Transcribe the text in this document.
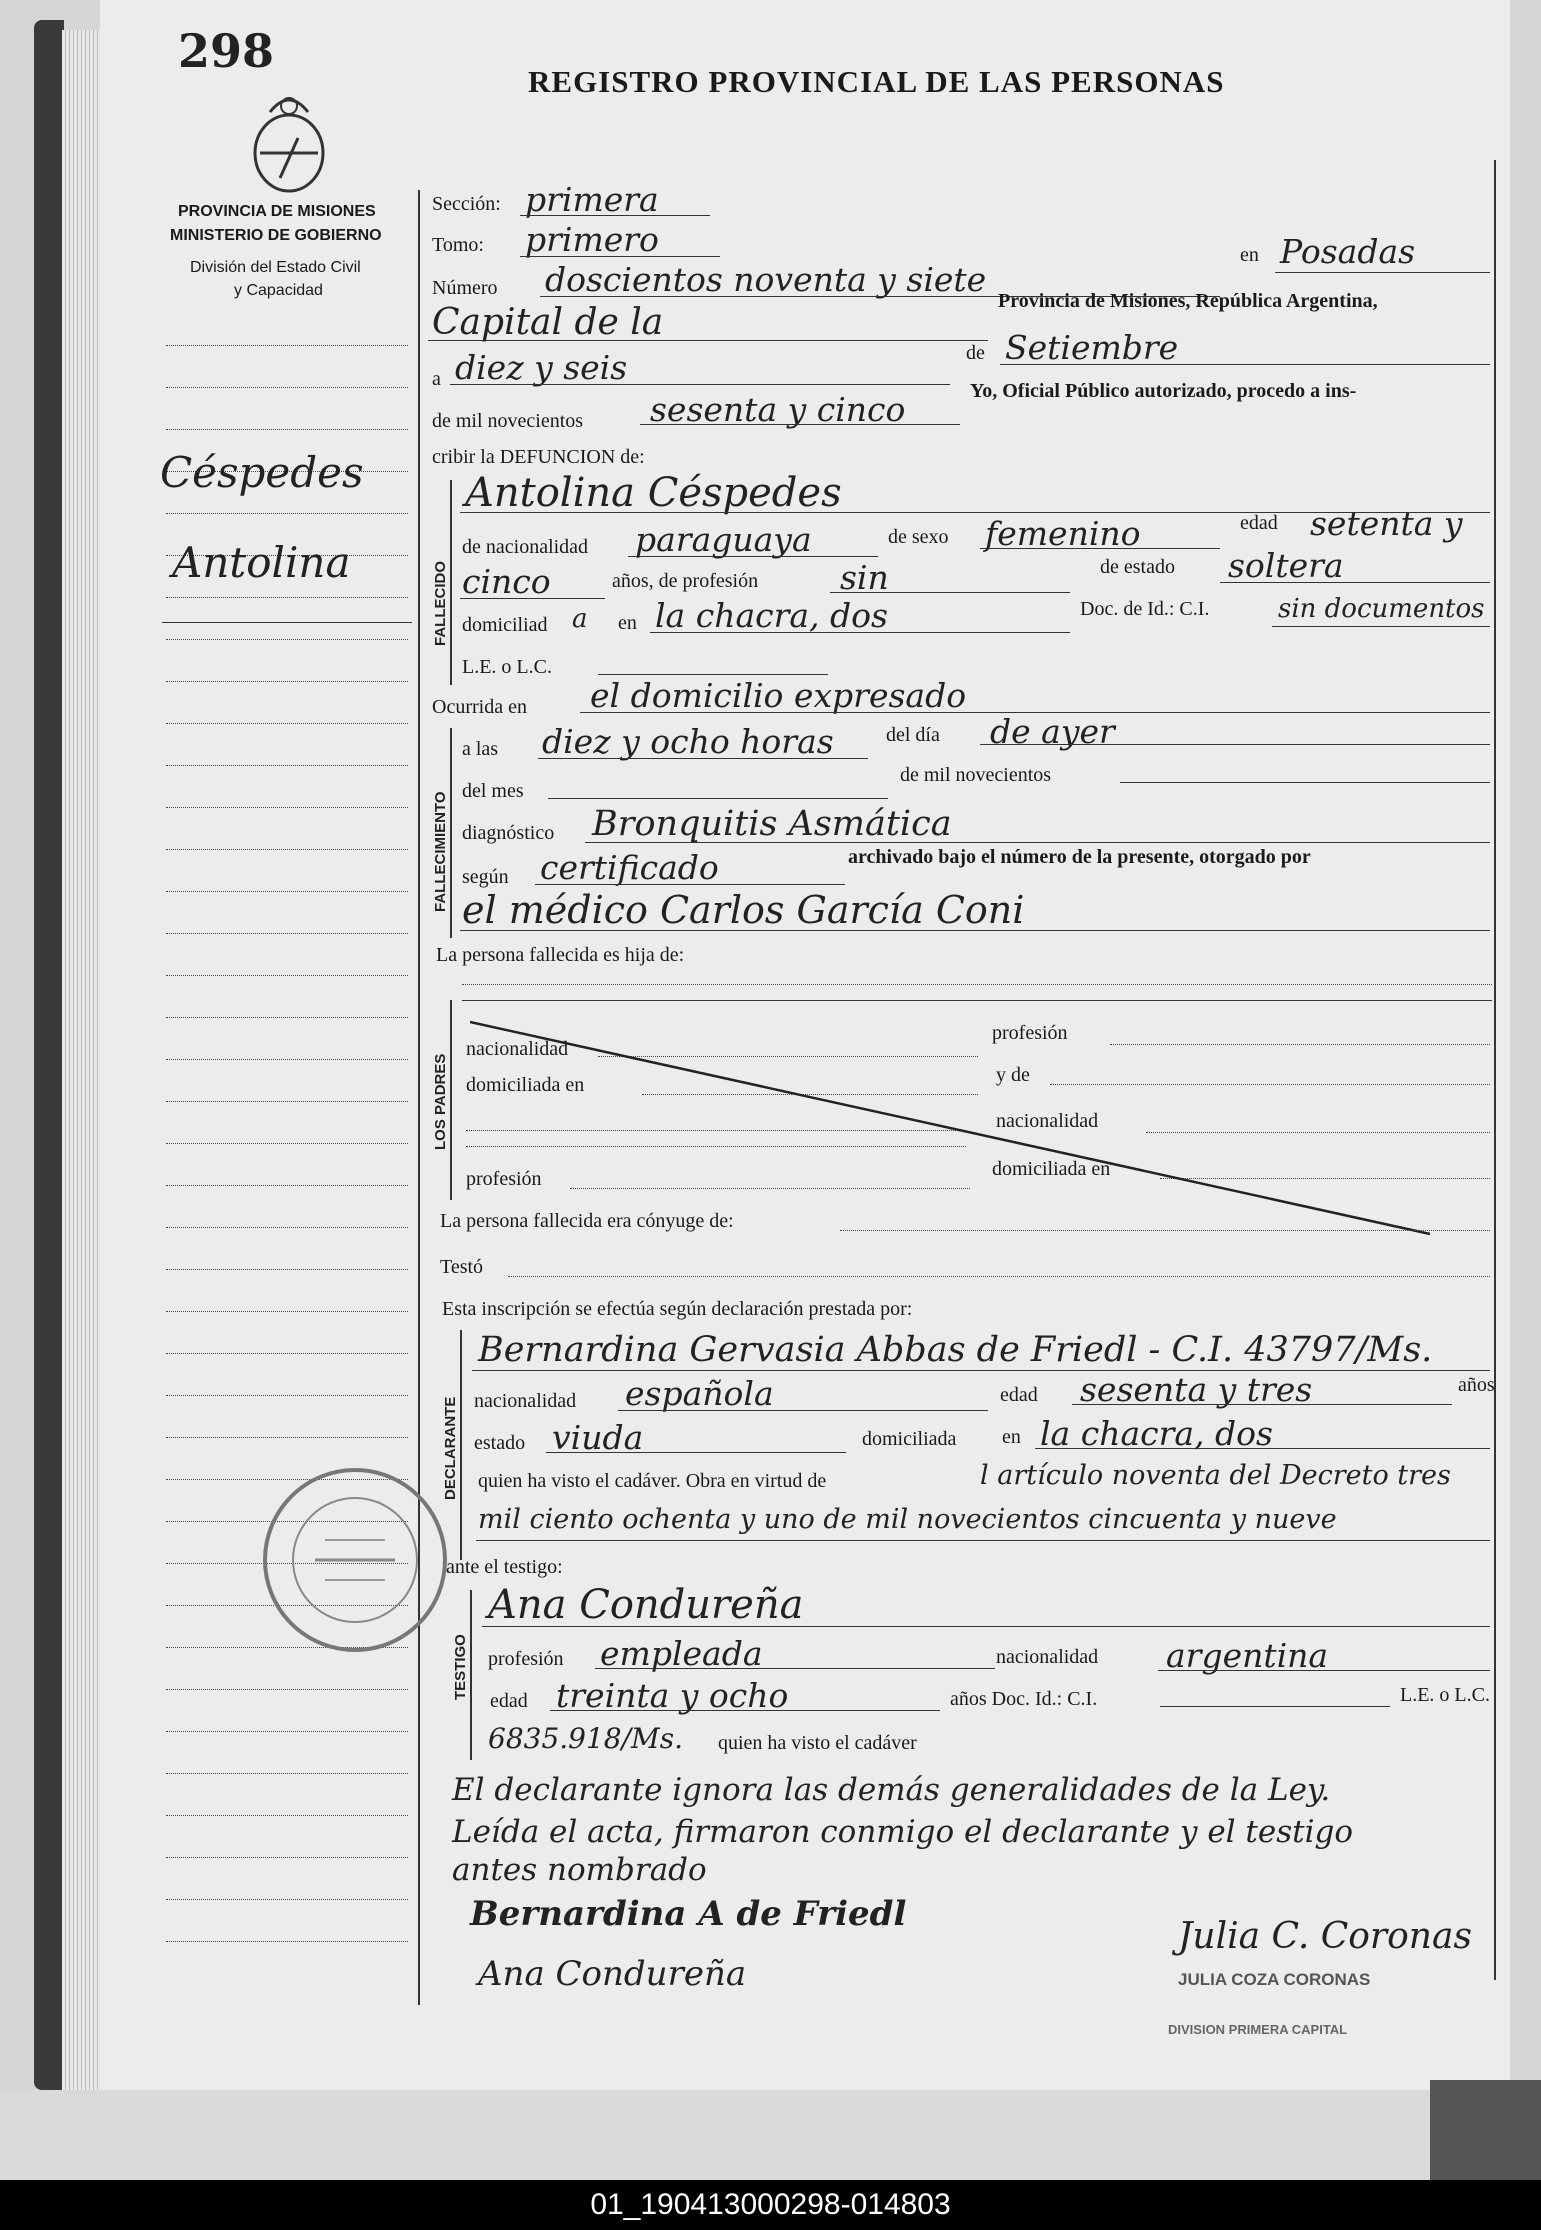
298
REGISTRO PROVINCIAL DE LAS PERSONAS
PROVINCIA DE MISIONES
MINISTERIO DE GOBIERNO
División del Estado Civil
y Capacidad
Céspedes
Antolina
Sección: primera
Tomo: primero
Número doscientos noventa y siete
en Posadas
Capital de la
Provincia de Misiones, República Argentina,
a diez y seis	de Setiembre
de mil novecientos sesenta y cinco	Yo, Oficial Público autorizado, procedo a ins-
cribir la DEFUNCION de:
FALLECIDO
Antolina Céspedes
de nacionalidad paraguaya	de sexo femenino	edad setenta y
cinco	años, de profesión sin	de estado soltera
domiciliad a en la chacra, dos	Doc. de Id.: C.I.	sin documentos
L.E. o L.C.
Ocurrida en el domicilio expresado
FALLECIMIENTO
a las diez y ocho horas	del día de ayer
del mes
de mil novecientos
diagnóstico Bronquitis Asmática
según certificado	archivado bajo el número de la presente, otorgado por
el médico Carlos García Coni
La persona fallecida es hija de:
LOS PADRES
nacionalidad
profesión
domiciliada en	y de
nacionalidad
profesión	domiciliada en
La persona fallecida era cónyuge de:
Testó
Esta inscripción se efectúa según declaración prestada por:
DECLARANTE
Bernardina Gervasia Abbas de Friedl - C.I. 43797/Ms.
nacionalidad española	edad sesenta y tres	años
estado viuda	domiciliada en la chacra, dos
quien ha visto el cadáver. Obra en virtud de	l artículo noventa del Decreto tres
mil ciento ochenta y uno de mil novecientos cincuenta y nueve
ante el testigo:
TESTIGO
Ana Condureña
profesión empleada	nacionalidad argentina
edad treinta y ocho	años Doc. Id.: C.I.	L.E. o L.C.
6835.918/Ms. quien ha visto el cadáver
El declarante ignora las demás generalidades de la Ley.
Leída el acta, firmaron conmigo el declarante y el testigo
antes nombrado
Bernardina A de Friedl
Ana Condureña
Julia C. Coronas
JULIA COZA CORONAS
DIVISION PRIMERA CAPITAL
01_190413000298-014803
